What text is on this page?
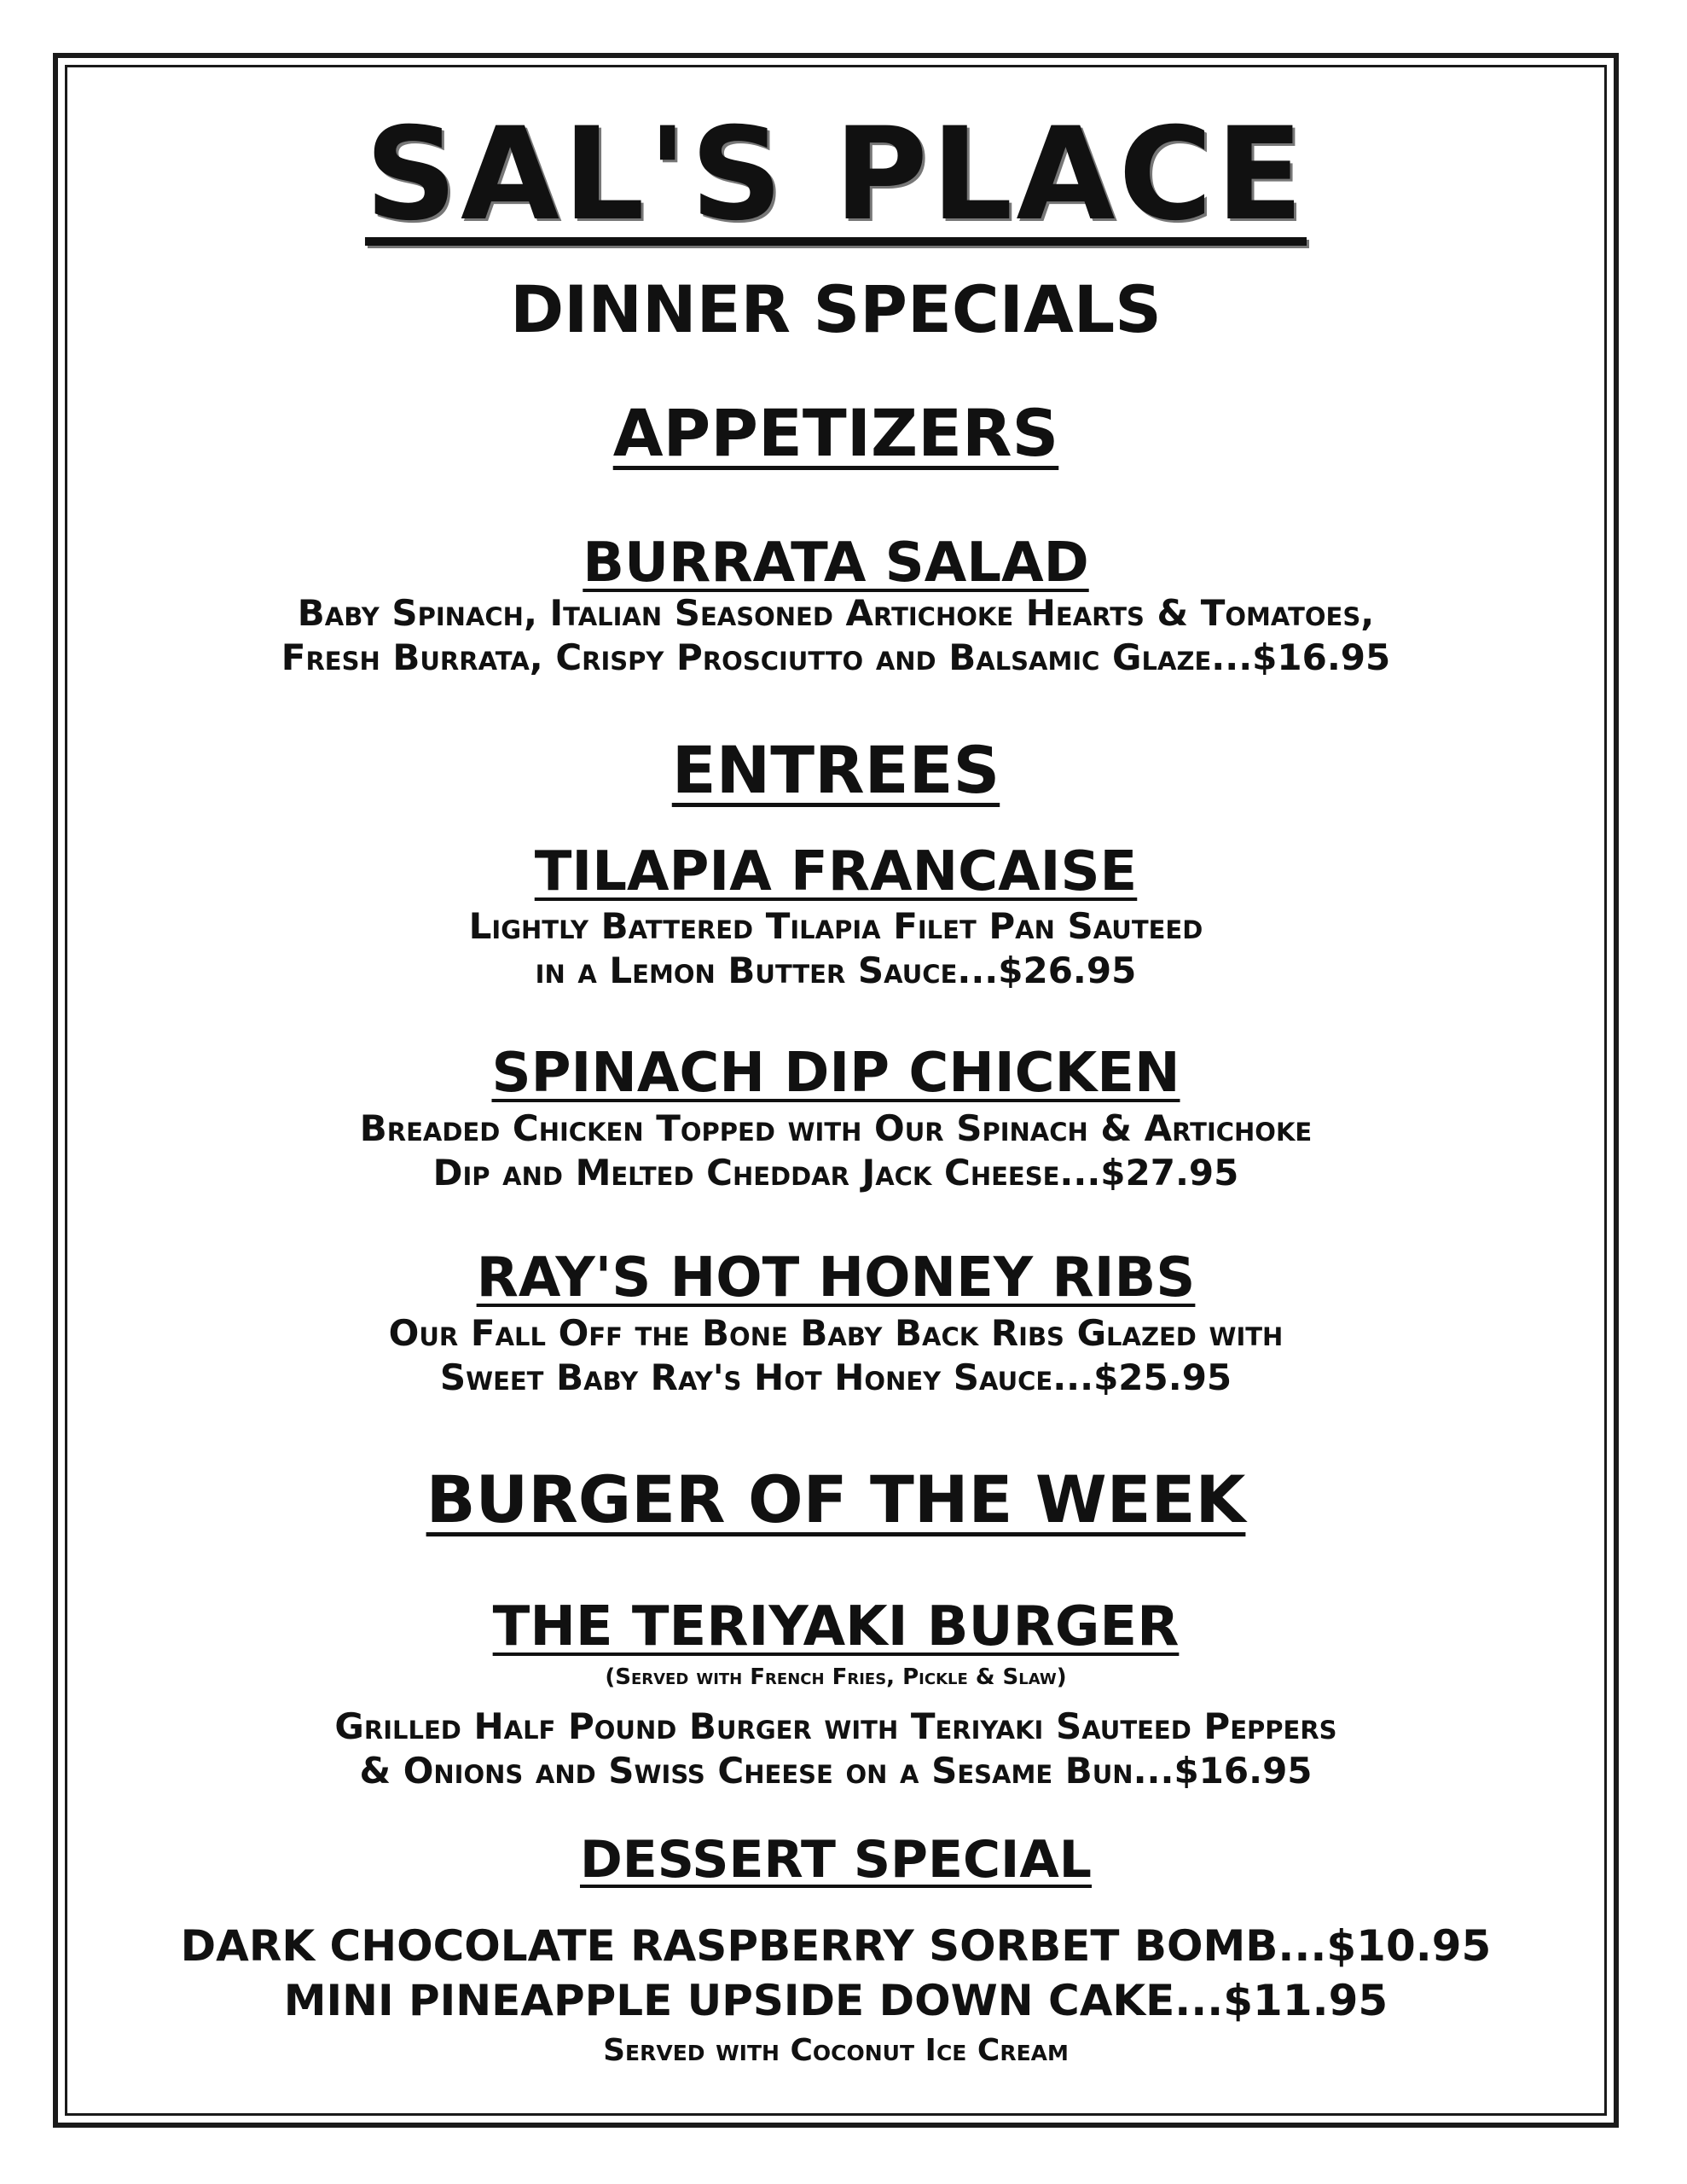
SAL'S PLACE
DINNER SPECIALS
APPETIZERS
BURRATA SALAD
Baby Spinach, Italian Seasoned Artichoke Hearts & Tomatoes,
Fresh Burrata, Crispy Prosciutto and Balsamic Glaze...$16.95
ENTREES
TILAPIA FRANCAISE
Lightly Battered Tilapia Filet Pan Sauteed
in a Lemon Butter Sauce...$26.95
SPINACH DIP CHICKEN
Breaded Chicken Topped with Our Spinach & Artichoke
Dip and Melted Cheddar Jack Cheese...$27.95
RAY'S HOT HONEY RIBS
Our Fall Off the Bone Baby Back Ribs Glazed with
Sweet Baby Ray's Hot Honey Sauce...$25.95
BURGER OF THE WEEK
THE TERIYAKI BURGER
(Served with French Fries, Pickle & Slaw)
Grilled Half Pound Burger with Teriyaki Sauteed Peppers
& Onions and Swiss Cheese on a Sesame Bun...$16.95
DESSERT SPECIAL
DARK CHOCOLATE RASPBERRY SORBET BOMB...$10.95
MINI PINEAPPLE UPSIDE DOWN CAKE...$11.95
Served with Coconut Ice Cream
